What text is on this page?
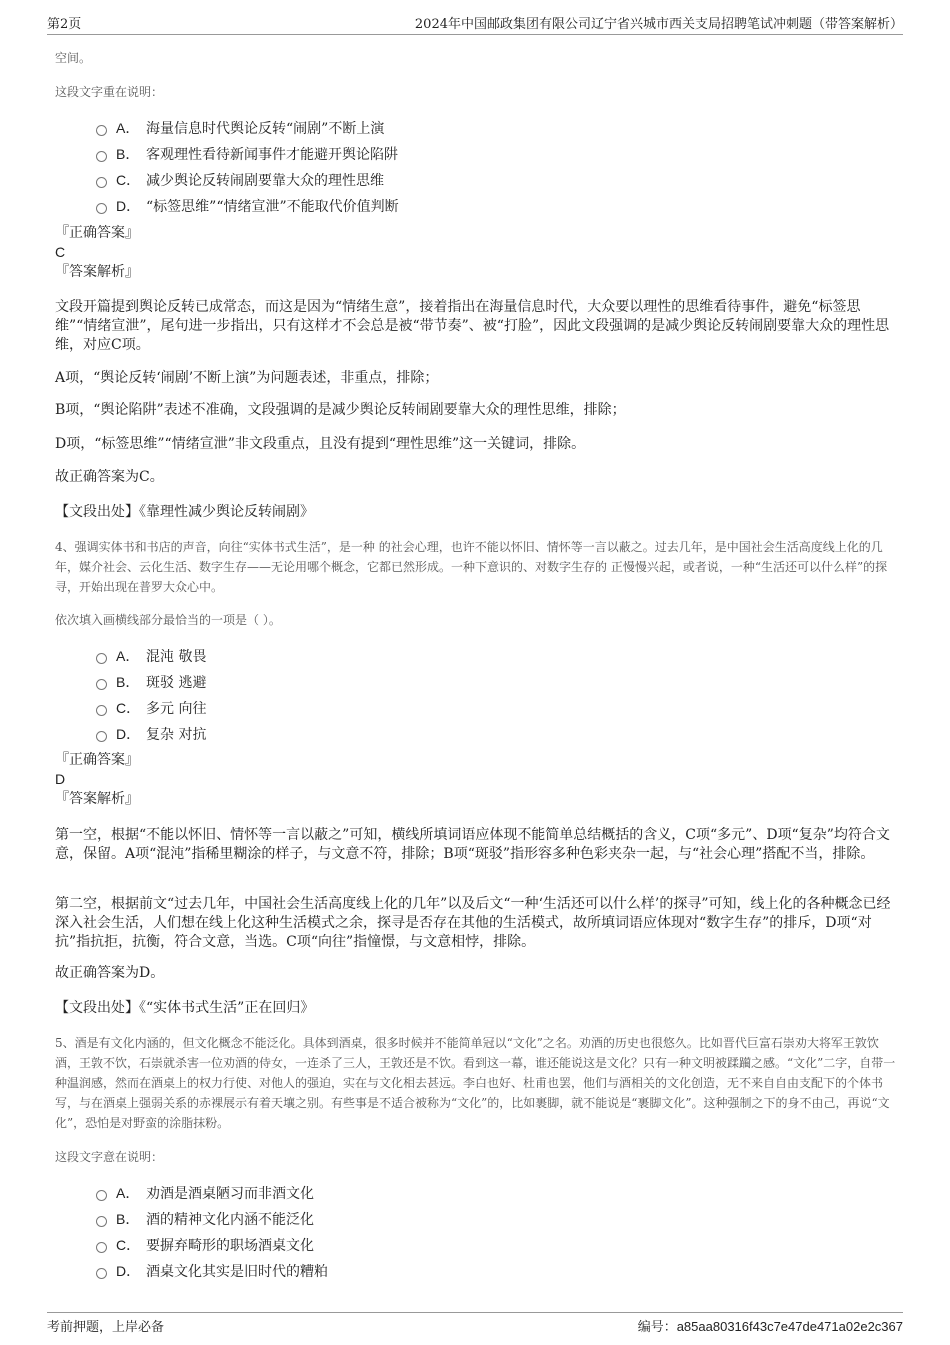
第2页	2024年中国邮政集团有限公司辽宁省兴城市西关支局招聘笔试冲刺题（带答案解析）
空间。
这段文字重在说明：
A． 海量信息时代舆论反转“闹剧”不断上演
B． 客观理性看待新闻事件才能避开舆论陷阱
C． 减少舆论反转闹剧要靠大众的理性思维
D． “标签思维”“情绪宣泄”不能取代价值判断
『正确答案』
C
『答案解析』
文段开篇提到舆论反转已成常态，而这是因为“情绪生意”，接着指出在海量信息时代，大众要以理性的思维看待事件，避免“标签思维”“情绪宣泄”，尾句进一步指出，只有这样才不会总是被“带节奏”、被“打脸”，因此文段强调的是减少舆论反转闹剧要靠大众的理性思维，对应C项。
A项，“舆论反转‘闹剧’不断上演”为问题表述，非重点，排除；
B项，“舆论陷阱”表述不准确，文段强调的是减少舆论反转闹剧要靠大众的理性思维，排除；
D项，“标签思维”“情绪宣泄”非文段重点，且没有提到“理性思维”这一关键词，排除。
故正确答案为C。
【文段出处】《靠理性减少舆论反转闹剧》
4、强调实体书和书店的声音，向往“实体书式生活”，是一种 的社会心理，也许不能以怀旧、情怀等一言以蔽之。过去几年，是中国社会生活高度线上化的几年，媒介社会、云化生活、数字生存——无论用哪个概念，它都已然形成。一种下意识的、对数字生存的 正慢慢兴起，或者说，一种“生活还可以什么样”的探寻，开始出现在普罗大众心中。
依次填入画横线部分最恰当的一项是（ ）。
A． 混沌 敬畏
B． 斑驳 逃避
C． 多元 向往
D． 复杂 对抗
『正确答案』
D
『答案解析』
第一空，根据“不能以怀旧、情怀等一言以蔽之”可知，横线所填词语应体现不能简单总结概括的含义，C项“多元”、D项“复杂”均符合文意，保留。A项“混沌”指稀里糊涂的样子，与文意不符，排除；B项“斑驳”指形容多种色彩夹杂一起，与“社会心理”搭配不当，排除。
第二空，根据前文“过去几年，中国社会生活高度线上化的几年”以及后文“一种‘生活还可以什么样’的探寻”可知，线上化的各种概念已经深入社会生活，人们想在线上化这种生活模式之余，探寻是否存在其他的生活模式，故所填词语应体现对“数字生存”的排斥，D项“对抗”指抗拒，抗衡，符合文意，当选。C项“向往”指憧憬，与文意相悖，排除。
故正确答案为D。
【文段出处】《“实体书式生活”正在回归》
5、酒是有文化内涵的，但文化概念不能泛化。具体到酒桌，很多时候并不能简单冠以“文化”之名。劝酒的历史也很悠久。比如晋代巨富石崇劝大将军王敦饮酒，王敦不饮，石崇就杀害一位劝酒的侍女，一连杀了三人，王敦还是不饮。看到这一幕，谁还能说这是文化？只有一种文明被蹂躏之感。“文化”二字，自带一种温润感，然而在酒桌上的权力行使、对他人的强迫，实在与文化相去甚远。李白也好、杜甫也罢，他们与酒相关的文化创造，无不来自自由支配下的个体书写，与在酒桌上强弱关系的赤裸展示有着天壤之别。有些事是不适合被称为“文化”的，比如裹脚，就不能说是“裹脚文化”。这种强制之下的身不由己，再说“文化”，恐怕是对野蛮的涂脂抹粉。
这段文字意在说明：
A． 劝酒是酒桌陋习而非酒文化
B． 酒的精神文化内涵不能泛化
C． 要摒弃畸形的职场酒桌文化
D． 酒桌文化其实是旧时代的糟粕
考前押题，上岸必备	编号：a85aa80316f43c7e47de471a02e2c367
